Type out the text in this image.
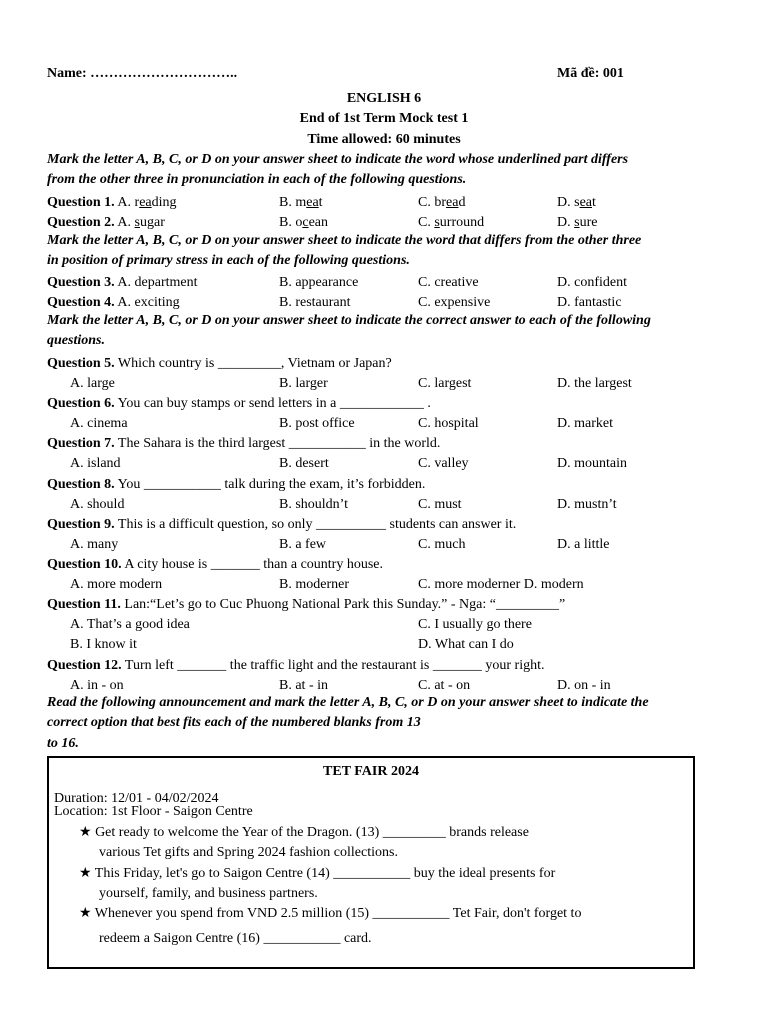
Name: …………………………..	Mã đề: 001
ENGLISH 6
End of 1st Term Mock test 1
Time allowed: 60 minutes
Mark the letter A, B, C, or D on your answer sheet to indicate the word whose underlined part differs
from the other three in pronunciation in each of the following questions.
Question 1. A. reading	B. meat	C. bread	D. seat
Question 2. A. sugar	B. ocean	C. surround	D. sure
Mark the letter A, B, C, or D on your answer sheet to indicate the word that differs from the other three
in position of primary stress in each of the following questions.
Question 3. A. department	B. appearance	C. creative	D. confident
Question 4. A. exciting	B. restaurant	C. expensive	D. fantastic
Mark the letter A, B, C, or D on your answer sheet to indicate the correct answer to each of the following
questions.
Question 5. Which country is _________, Vietnam or Japan?
A. large	B. larger	C. largest	D. the largest
Question 6. You can buy stamps or send letters in a ____________ .
A. cinema	B. post office	C. hospital	D. market
Question 7. The Sahara is the third largest ___________ in the world.
A. island	B. desert	C. valley	D. mountain
Question 8. You ___________ talk during the exam, it’s forbidden.
A. should	B. shouldn’t	C. must	D. mustn’t
Question 9. This is a difficult question, so only __________ students can answer it.
A. many	B. a few	C. much	D. a little
Question 10. A city house is _______ than a country house.
A. more modern	B. moderner	C. more moderner D. modern
Question 11. Lan:“Let’s go to Cuc Phuong National Park this Sunday.” - Nga: “_________”
A. That’s a good idea	C. I usually go there
B. I know it	D. What can I do
Question 12. Turn left _______ the traffic light and the restaurant is _______ your right.
A. in - on	B. at - in	C. at - on	D. on - in
Read the following announcement and mark the letter A, B, C, or D on your answer sheet to indicate the
correct option that best fits each of the numbered blanks from 13
to 16.
TET FAIR 2024
Duration: 12/01 - 04/02/2024
Location: 1st Floor - Saigon Centre
★ Get ready to welcome the Year of the Dragon. (13) _________ brands release
various Tet gifts and Spring 2024 fashion collections.
★ This Friday, let's go to Saigon Centre (14) ___________ buy the ideal presents for
yourself, family, and business partners.
★ Whenever you spend from VND 2.5 million (15) ___________ Tet Fair, don't forget to
redeem a Saigon Centre (16) ___________ card.
